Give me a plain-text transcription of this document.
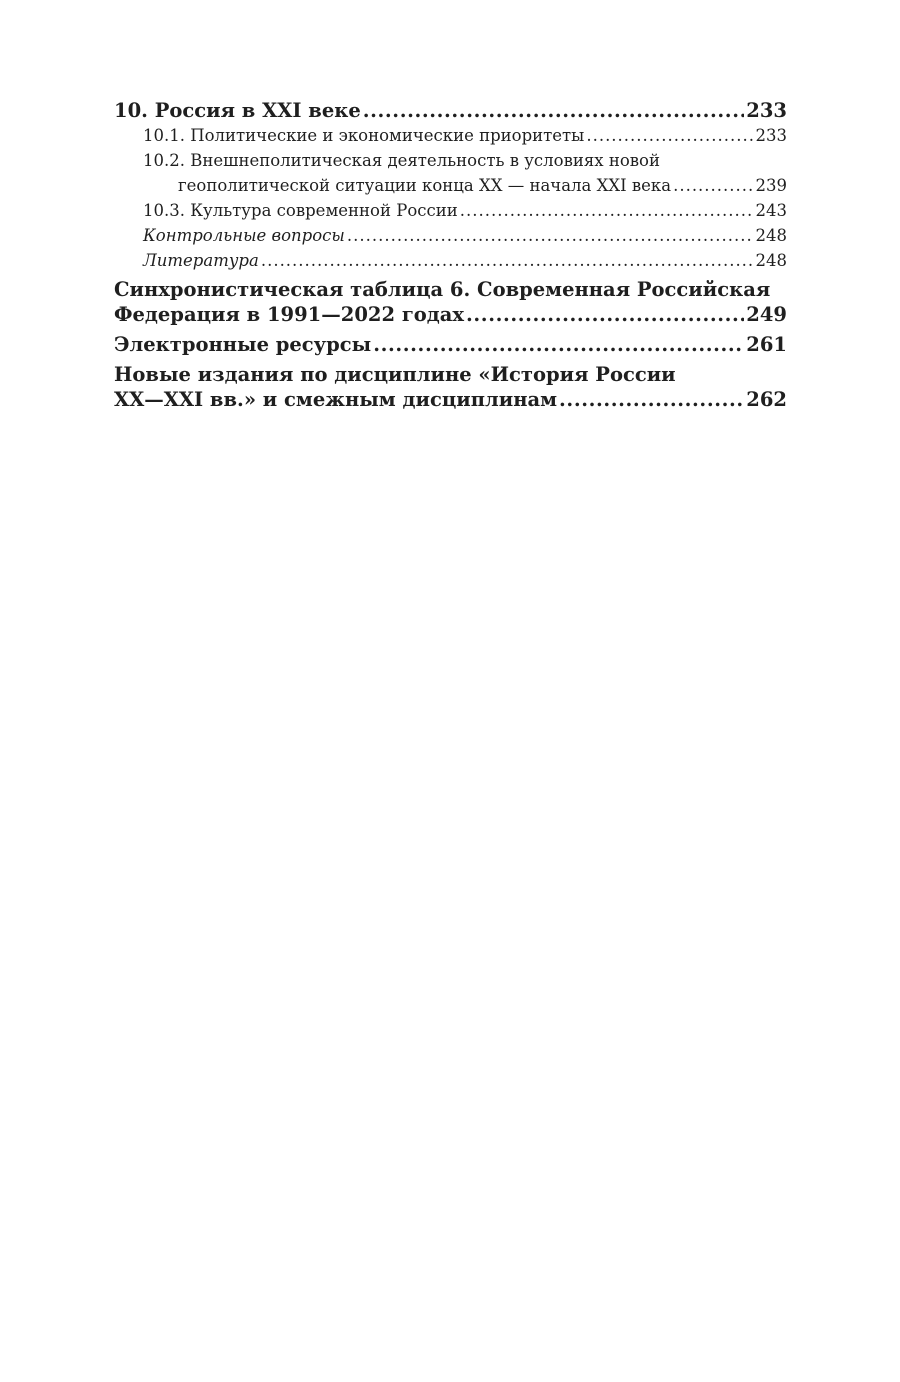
10. Россия в XXI веке .....	233
10.1. Политические и экономические приоритеты .....	233
10.2. Внешнеполитическая деятельность в условиях новой
геополитической ситуации конца XX — начала XXI века .....	239
10.3. Культура современной России .....	243
Контрольные вопросы .....	248
Литература .....	248
Синхронистическая таблица 6. Современная Российская
Федерация в 1991—2022 годах .....	249
Электронные ресурсы .....	261
Новые издания по дисциплине «История России
XX—XXI вв.» и смежным дисциплинам .....	262
